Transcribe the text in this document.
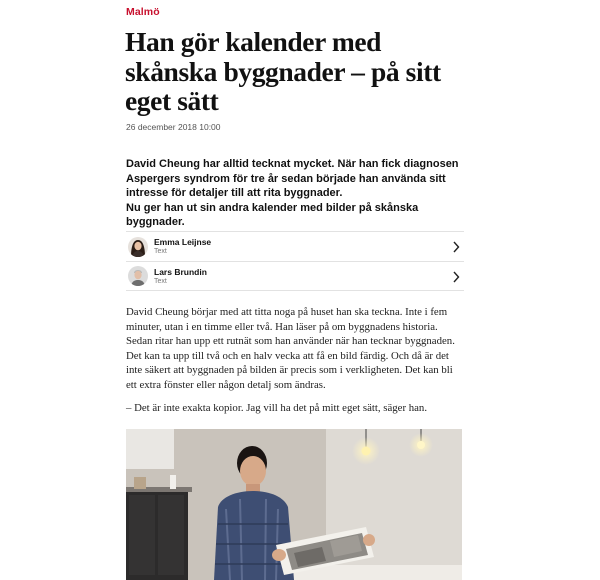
Malmö
Han gör kalender med skånska byggnader – på sitt eget sätt
26 december 2018 10:00

David Cheung har alltid tecknat mycket. När han fick diagnosen Aspergers syndrom för tre år sedan började han använda sitt intresse för detaljer till att rita byggnader.

Nu ger han ut sin andra kalender med bilder på skånska byggnader.

Emma Leijnse
Text
Lars Brundin
Text

David Cheung börjar med att titta noga på huset han ska teckna. Inte i fem minuter, utan i en timme eller två. Han läser på om byggnadens historia. Sedan ritar han upp ett rutnät som han använder när han tecknar byggnaden. Det kan ta upp till två och en halv vecka att få en bild färdig. Och då är det inte säkert att byggnaden på bilden är precis som i verkligheten. Det kan bli ett extra fönster eller någon detalj som ändras.

– Det är inte exakta kopior. Jag vill ha det på mitt eget sätt, säger han.
